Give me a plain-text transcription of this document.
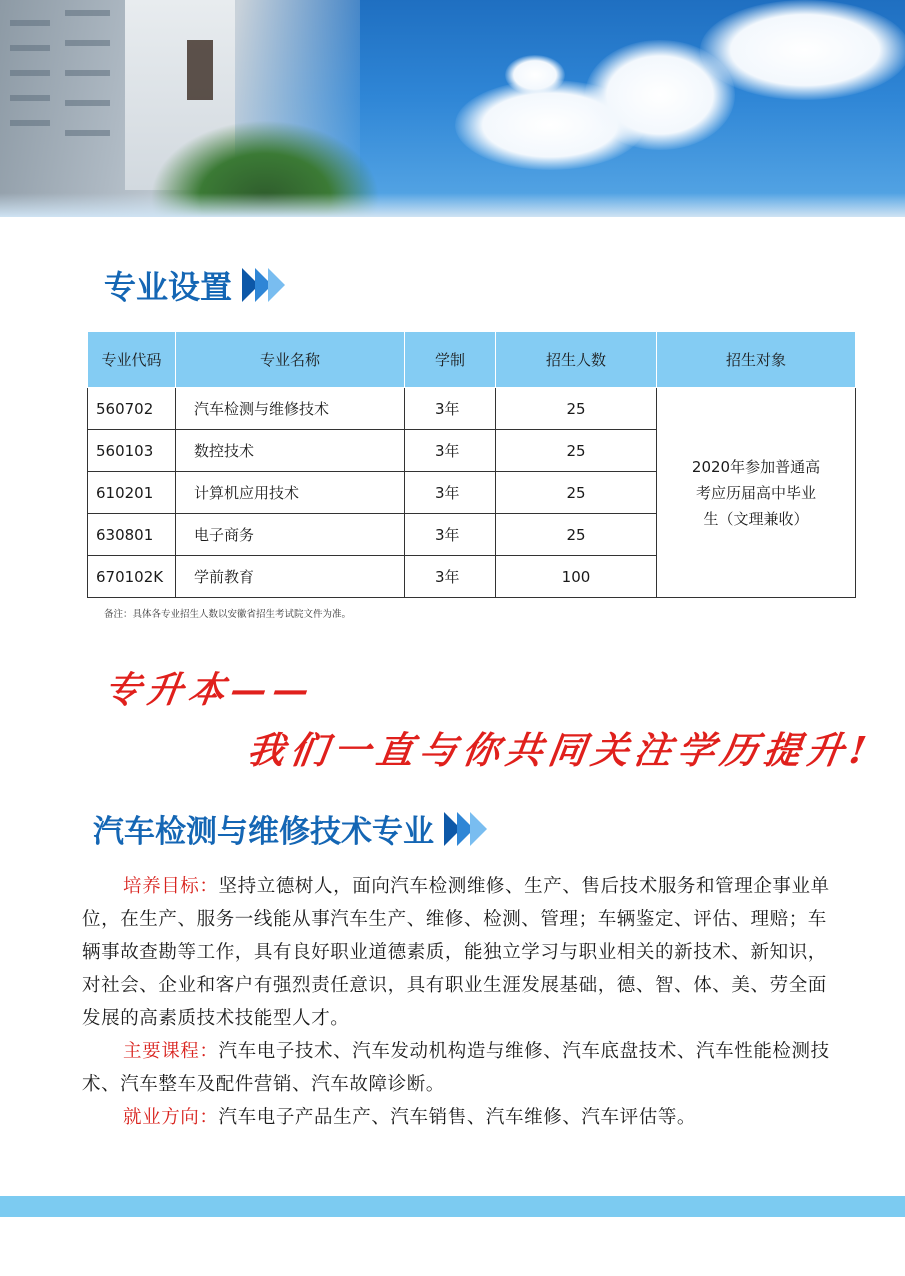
专业设置
专业代码	专业名称	学制	招生人数	招生对象
560702	汽车检测与维修技术	3年	25	2020年参加普通高
考应历届高中毕业
生（文理兼收）

560103	数控技术	3年	25	
610201	计算机应用技术	3年	25	
630801	电子商务	3年	25	
670102K	学前教育	3年	100	
备注：具体各专业招生人数以安徽省招生考试院文件为准。
专升本——
我们一直与你共同关注学历提升!
汽车检测与维修技术专业

培养目标：坚持立德树人，面向汽车检测维修、生产、售后技术服务和管理企事业单位，在生产、服务一线能从事汽车生产、维修、检测、管理；车辆鉴定、评估、理赔；车辆事故查勘等工作，具有良好职业道德素质，能独立学习与职业相关的新技术、新知识，对社会、企业和客户有强烈责任意识，具有职业生涯发展基础，德、智、体、美、劳全面发展的高素质技术技能型人才。

主要课程：汽车电子技术、汽车发动机构造与维修、汽车底盘技术、汽车性能检测技术、汽车整车及配件营销、汽车故障诊断。

就业方向：汽车电子产品生产、汽车销售、汽车维修、汽车评估等。
